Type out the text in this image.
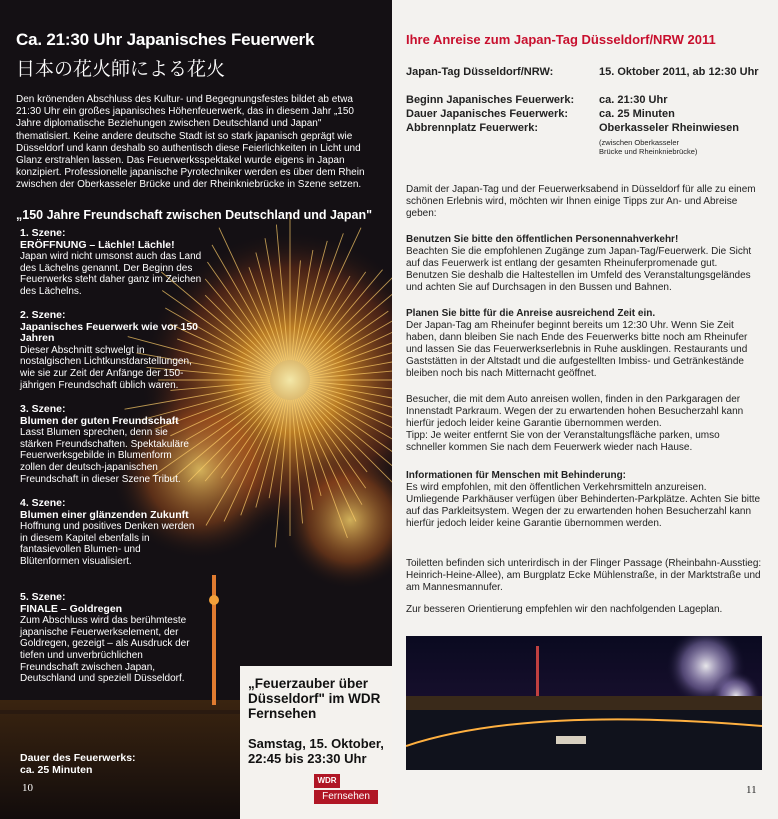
Ca. 21:30 Uhr Japanisches Feuerwerk
日本の花火師による花火
Den krönenden Abschluss des Kultur- und Begegnungsfestes bildet ab etwa 21:30 Uhr ein großes japanisches Höhenfeuerwerk, das in diesem Jahr „150 Jahre diplomatische Beziehungen zwischen Deutschland und Japan" thematisiert. Keine andere deutsche Stadt ist so stark japanisch geprägt wie Düsseldorf und kann deshalb so authentisch diese Feierlichkeiten in Licht und Glanz erstrahlen lassen. Das Feuerwerksspektakel wurde eigens in Japan konzipiert. Professionelle japanische Pyrotechniker werden es über dem Rhein zwischen der Oberkasseler Brücke und der Rheinkniebrücke in Szene setzen.
„150 Jahre Freundschaft zwischen Deutschland und Japan"
1. Szene:
ERÖFFNUNG – Lächle! Lächle!
Japan wird nicht umsonst auch das Land des Lächelns genannt. Der Beginn des Feuerwerks steht daher ganz im Zeichen des Lächelns.
2. Szene:
Japanisches Feuerwerk wie vor 150 Jahren
Dieser Abschnitt schwelgt in nostalgischen Lichtkunstdarstellungen, wie sie zur Zeit der Anfänge der 150-jährigen Freundschaft üblich waren.
3. Szene:
Blumen der guten Freundschaft
Lasst Blumen sprechen, denn sie stärken Freundschaften. Spektakuläre Feuerwerksgebilde in Blumenform zollen der deutsch-japanischen Freundschaft in dieser Szene Tribut.
4. Szene:
Blumen einer glänzenden Zukunft
Hoffnung und positives Denken werden in diesem Kapitel ebenfalls in fantasievollen Blumen- und Blütenformen visualisiert.
5. Szene:
FINALE – Goldregen
Zum Abschluss wird das berühmteste japanische Feuerwerkselement, der Goldregen, gezeigt – als Ausdruck der tiefen und unverbrüchlichen Freundschaft zwischen Japan, Deutschland und speziell Düsseldorf.
Dauer des Feuerwerks:
ca. 25 Minuten
10
„Feuerzauber über Düsseldorf" im WDR Fernsehen
Samstag, 15. Oktober, 22:45 bis 23:30 Uhr
WDR
Fernsehen
Ihre Anreise zum Japan-Tag Düsseldorf/NRW 2011
Japan-Tag Düsseldorf/NRW:	15. Oktober 2011, ab 12:30 Uhr
Beginn Japanisches Feuerwerk: ca. 21:30 Uhr
Dauer Japanisches Feuerwerk:	ca. 25 Minuten
Abbrennplatz Feuerwerk:	Oberkasseler Rheinwiesen
(zwischen Oberkasseler Brücke und Rheinkniebrücke)
Damit der Japan-Tag und der Feuerwerksabend in Düsseldorf für alle zu einem schönen Erlebnis wird, möchten wir Ihnen einige Tipps zur An- und Abreise geben:
Benutzen Sie bitte den öffentlichen Personennahverkehr!
Beachten Sie die empfohlenen Zugänge zum Japan-Tag/Feuerwerk. Die Sicht auf das Feuerwerk ist entlang der gesamten Rheinuferpromenade gut. Benutzen Sie deshalb die Haltestellen im Umfeld des Veranstaltungsgeländes und achten Sie auf Durchsagen in den Bussen und Bahnen.
Planen Sie bitte für die Anreise ausreichend Zeit ein.
Der Japan-Tag am Rheinufer beginnt bereits um 12:30 Uhr. Wenn Sie Zeit haben, dann bleiben Sie nach Ende des Feuerwerks bitte noch am Rheinufer und lassen Sie das Feuerwerkserlebnis in Ruhe ausklingen. Restaurants und Gaststätten in der Altstadt und die aufgestellten Imbiss- und Getränkestände bleiben noch bis nach Mitternacht geöffnet.
Besucher, die mit dem Auto anreisen wollen, finden in den Parkgaragen der Innenstadt Parkraum. Wegen der zu erwartenden hohen Besucherzahl kann hierfür jedoch leider keine Garantie übernommen werden.
Tipp: Je weiter entfernt Sie von der Veranstaltungsfläche parken, umso schneller kommen Sie nach dem Feuerwerk wieder nach Hause.
Informationen für Menschen mit Behinderung:
Es wird empfohlen, mit den öffentlichen Verkehrsmitteln anzureisen. Umliegende Parkhäuser verfügen über Behinderten-Parkplätze. Achten Sie bitte auf das Parkleitsystem. Wegen der zu erwartenden hohen Besucherzahl kann hierfür jedoch leider keine Garantie übernommen werden.
Toiletten befinden sich unterirdisch in der Flinger Passage (Rheinbahn-Ausstieg: Heinrich-Heine-Allee), am Burgplatz Ecke Mühlenstraße, in der Marktstraße und am Mannesmannufer.
Zur besseren Orientierung empfehlen wir den nachfolgenden Lageplan.
11
